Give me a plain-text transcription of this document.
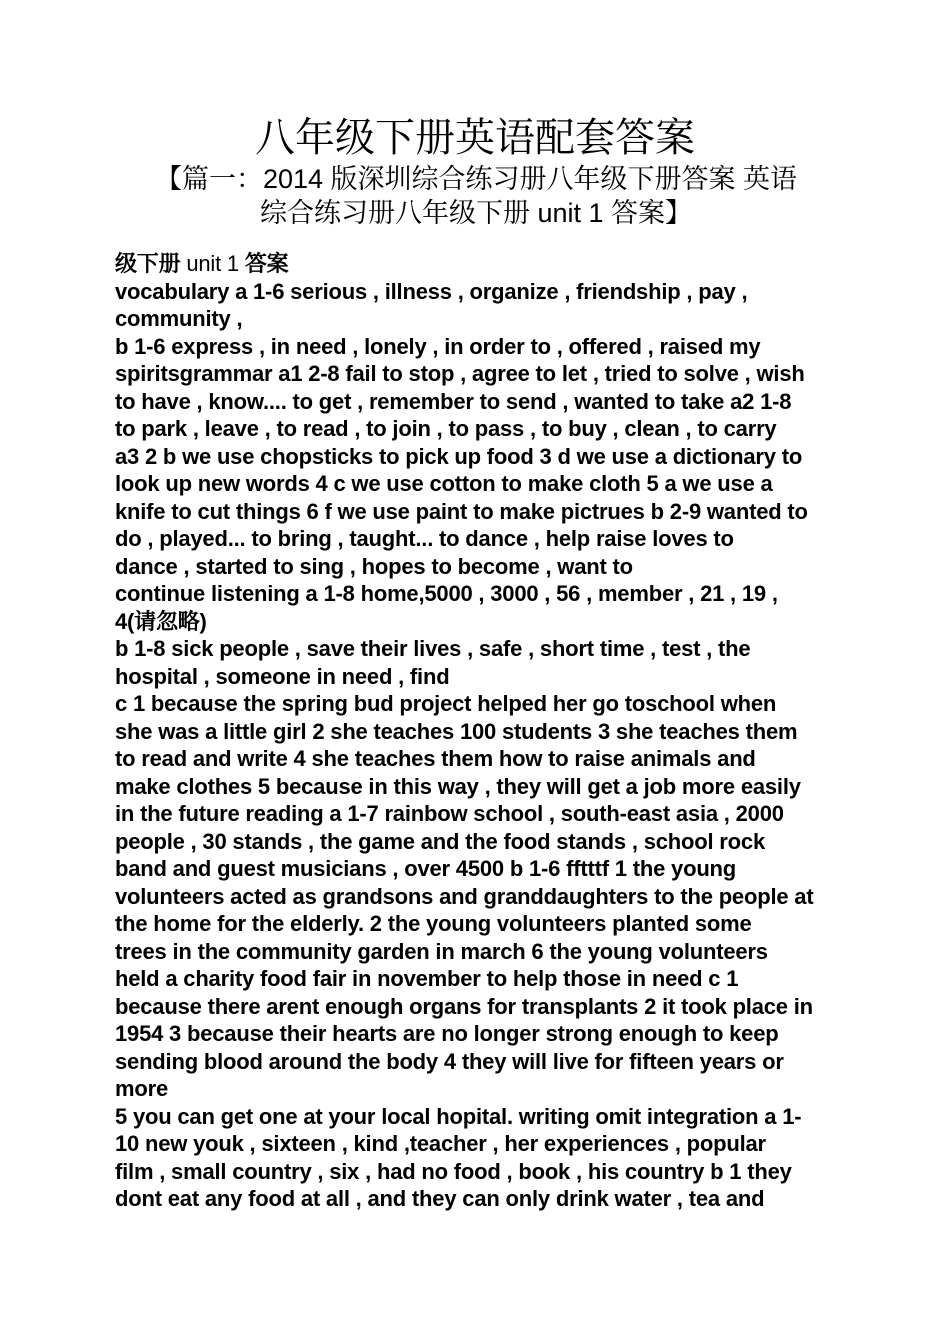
八年级下册英语配套答案
【篇一：2014 版深圳综合练习册八年级下册答案 英语
综合练习册八年级下册 unit 1 答案】
级下册 unit 1 答案
vocabulary a 1-6 serious , illness , organize , friendship , pay ,
community ,
b 1-6 express , in need , lonely , in order to , offered , raised my
spiritsgrammar a1 2-8 fail to stop , agree to let , tried to solve , wish
to have , know.... to get , remember to send , wanted to take a2 1-8
to park , leave , to read , to join , to pass , to buy , clean , to carry
a3 2 b we use chopsticks to pick up food 3 d we use a dictionary to
look up new words 4 c we use cotton to make cloth 5 a we use a
knife to cut things 6 f we use paint to make pictrues b 2-9 wanted to
do , played... to bring , taught... to dance , help raise loves to
dance , started to sing , hopes to become , want to
continue listening a 1-8 home,5000 , 3000 , 56 , member , 21 , 19 ,
4(请忽略)
b 1-8 sick people , save their lives , safe , short time , test , the
hospital , someone in need , find
c 1 because the spring bud project helped her go toschool when
she was a little girl 2 she teaches 100 students 3 she teaches them
to read and write 4 she teaches them how to raise animals and
make clothes 5 because in this way , they will get a job more easily
in the future reading a 1-7 rainbow school , south-east asia , 2000
people , 30 stands , the game and the food stands , school rock
band and guest musicians , over 4500 b 1-6 fftttf 1 the young
volunteers acted as grandsons and granddaughters to the people at
the home for the elderly. 2 the young volunteers planted some
trees in the community garden in march 6 the young volunteers
held a charity food fair in november to help those in need c 1
because there arent enough organs for transplants 2 it took place in
1954 3 because their hearts are no longer strong enough to keep
sending blood around the body 4 they will live for fifteen years or
more
5 you can get one at your local hopital. writing omit integration a 1-
10 new youk , sixteen , kind ,teacher , her experiences , popular
film , small country , six , had no food , book , his country b 1 they
dont eat any food at all , and they can only drink water , tea and
